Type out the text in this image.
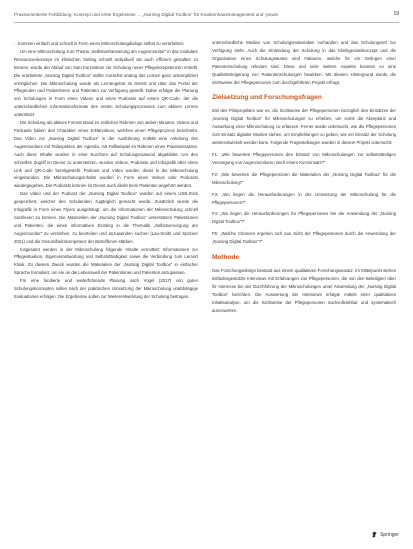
Praxisorientierte Fortbildung: Konzept und erste Ergebnisse … „Nursing Digital Toolbox“ für Krankenhausmanagement und -praxis	19

…kommen einfach und schnell in Form eines Mikroschulungdialogs selbst zu verarbeiten.

Um eine Mikroschulung zum Thema „Selbstverbesserung am Augenmonitor“ in das modulare Ressourcenkonzept im klinischen Setting schnell individuell als auch effizient gestalten zu können, wurde der Ablauf von zwei Kurzvideos zur Schulung neuer Pflegekompetenzen erstellt. Die erarbeitete „Nursing Digital Toolbox“ wollte zunächst analog das Lernen ganz unkompliziert ermöglichen. Die Mikroschulung wurde als Lernangebot im Dienst und über das Portal der Pflegenden und Patientinnen und Patienten zur Verfügung gestellt. Dabei erfolgte die Planung von Schulungen in Form eines Videos und eines Podcasts auf einem QR-Code, der die unterschiedlichen Informationsformate des ersten Schulungsprozesses zum aktiven Lernen unterstützt.

Die Schulung als aktives Format stand im zeitlichen Rahmen von sieben Minuten. Videos und Podcasts haben den Charakter eines Erklärvideos, welches einen Pflegeprozess beschreibt. Das Video zur „Nursing Digital Toolbox“ in der Ausführung enthält eine Anleitung des Augenmonitors mit Teilaspekten der Agenda, mit Fallbeispiel im Rahmen eines Praxiseinsatzes. Auch diese Inhalte wurden in einer Kurzform auf Schulungsmaterial abgebildet. Um den schnellen Zugriff im Dienst zu unterstützen, wurden Videos, Podcasts und Infografik über einen Link und QR-Code bereitgestellt. Podcast und Video wurden direkt in die Mikroschulung eingebunden. Die Mikroschulungsinhalte wurden in Form eines Videos oder Podcasts wiedergegeben. Die Podcasts können im Dienst auch direkt beim Patienten angehört werden.

Das Video und der Podcast der „Nursing Digital Toolbox“ wurden auf einem USB-Stick gespeichert, welcher den Schulenden zugänglich gemacht wurde. Zusätzlich wurde die Infografik in Form eines Flyers ausgehängt, um die Informationen der Mikroschulung schnell nachlesen zu können. Die Materialien der „Nursing Digital Toolbox“ unterstützen Patientinnen und Patienten, die einen informativen Einstieg in die Thematik „Selbstversorgung am Augenmonitor“ zu verstehen, zu beurteilen und anzuwenden suchen (Lau-Smith und Spitzner 2021) und die Gesundheitskompetenz der Betroffenen stärken.

Insgesamt werden in der Mikroschulung folgende Inhalte vermittelt: Informationen zur Pflegesituation, Eigenverantwortung und Selbstständigkeit sowie die Verbindung zum Lernort Klinik. Zu diesem Zweck wurden die Materialien der „Nursing Digital Toolbox“ in einfacher Sprache formuliert, um sie an die Lebenswelt der Patientinnen und Patienten anzupassen.

Für eine fundierte und weiterführende Planung nach Vogel (2017) von guten Schulungskonzepten sollen nach der praktischen Umsetzung der Mikroschulung unabhängige Evaluationen erfolgen. Die Ergebnisse sollen zur Weiterentwicklung der Schulung beitragen.

unterschiedliche Medien von Schulungsmaterialien vorhanden und das Schulungsset zur Verfügung steht. Auch die Einbindung der Schulung in das Klinikgesamtkonzept und die Organisation eines Schulungsteams sind Faktoren, welche für ein Gelingen einer Patientenschulung relevant sind. Diese und viele weitere Aspekte konnten so eine Qualitätssteigerung von Patientenschulungen bewirken. Mit diesem Hintergrund wurde die Sichtweise der Pflegepersonen zum durchgeführten Projekt erfragt.

Zielsetzung und Forschungsfragen

Ziel des Pilotprojektes war es, die Sichtweise der Pflegepersonen bezüglich des Einsatzes der „Nursing Digital Toolbox“ für Mikroschulungen zu erheben, um somit die Akzeptanz und Auswirkung einer Mikroschulung zu erfassen. Ferner wurde untersucht, wie die Pflegepersonen zum Einsatz digitaler Medien stehen, um Empfehlungen zu geben, wie ein Einsatz der Schulung weiterentwickelt werden kann. Folgende Fragestellungen wurden in diesem Projekt untersucht:

F1: „Wie bewerten Pflegepersonen den Einsatz von Mikroschulungen zur selbstständigen Versorgung von Augenmonitoren nach einem Kurzeinsatz?“

F2: „Wie bewerten die Pflegepersonen die Materialien der „Nursing Digital Toolbox“ für die Mikroschulung?“

F3: „Wo liegen die Herausforderungen in der Umsetzung der Mikroschulung für die Pflegepersonen?“

F4: „Wo liegen die Herausforderungen für Pflegepersonen bei der Anwendung der „Nursing Digital Toolbox“?“

F5: „Welche Chancen ergeben sich aus Sicht der Pflegepersonen durch die Anwendung der „Nursing Digital Toolbox“?“

Methode

Das Forschungsdesign bestand aus einem qualitativen Forschungsansatz. Im Mittelpunkt stehen leitfadengestützte Interviews mit Erfahrungen von Pflegepersonen, die von den Beteiligten über ihr Interesse bei der Durchführung der Mikroschulungen unter Anwendung der „Nursing Digital Toolbox“ berichten. Die Auswertung der Interviews erfolgte mittels einer qualitativen Inhaltsanalyse, um die Sichtweise der Pflegepersonen nachvollziehbar und systematisch auszuwerten.

Springer
